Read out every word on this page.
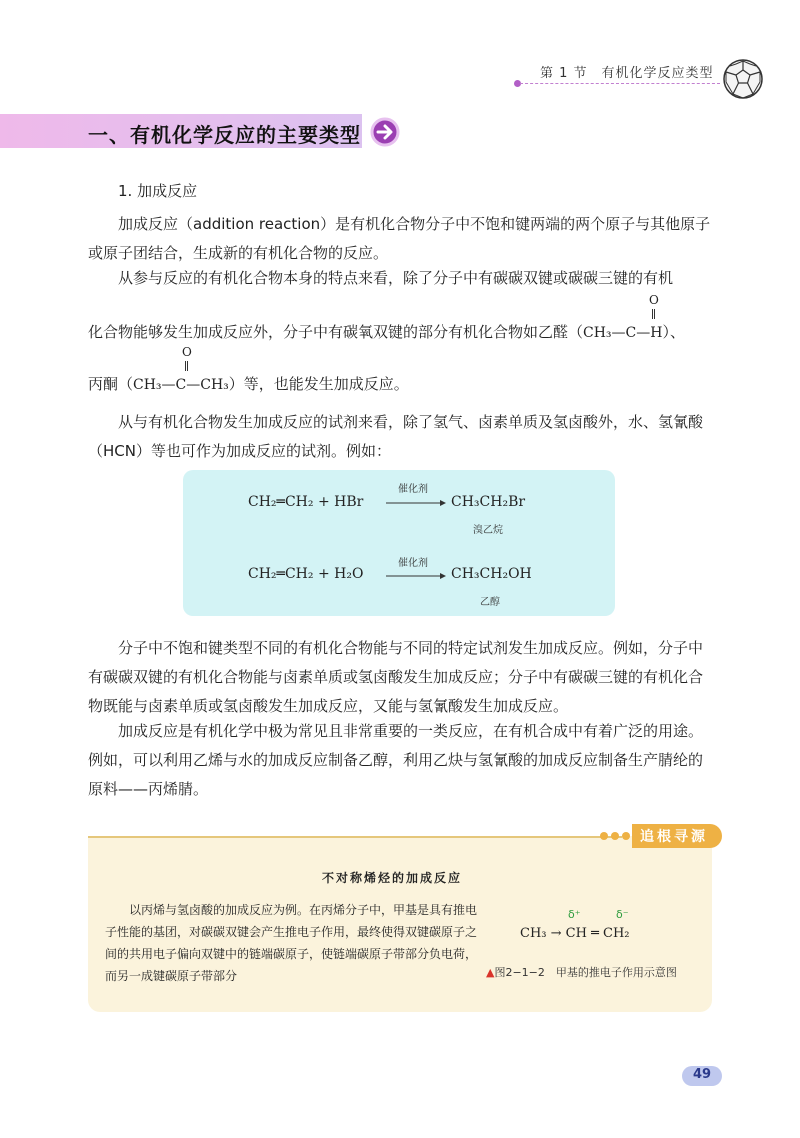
第 1 节　有机化学反应类型
一、有机化学反应的主要类型
1. 加成反应

加成反应（addition reaction）是有机化合物分子中不饱和键两端的两个原子与其他原子或原子团结合，生成新的有机化合物的反应。

从参与反应的有机化合物本身的特点来看，除了分子中有碳碳双键或碳碳三键的有机

O

化合物能够发生加成反应外，分子中有碳氧双键的部分有机化合物如乙醛（CH₃—C—H）、

O

丙酮（CH₃—C—CH₃）等，也能发生加成反应。

从与有机化合物发生加成反应的试剂来看，除了氢气、卤素单质及氢卤酸外，水、氢氰酸（HCN）等也可作为加成反应的试剂。例如：

CH₂═CH₂ + HBr
催化剂
→ CH₃CH₂Br
溴乙烷
CH₂═CH₂ + H₂O
催化剂
→ CH₃CH₂OH
乙醇

分子中不饱和键类型不同的有机化合物能与不同的特定试剂发生加成反应。例如，分子中有碳碳双键的有机化合物能与卤素单质或氢卤酸发生加成反应；分子中有碳碳三键的有机化合物既能与卤素单质或氢卤酸发生加成反应，又能与氢氰酸发生加成反应。

加成反应是有机化学中极为常见且非常重要的一类反应，在有机合成中有着广泛的用途。例如，可以利用乙烯与水的加成反应制备乙醇，利用乙炔与氢氰酸的加成反应制备生产腈纶的原料——丙烯腈。

追根寻源
不对称烯烃的加成反应

以丙烯与氢卤酸的加成反应为例。在丙烯分子中，甲基是具有推电子性能的基团，对碳碳双键会产生推电子作用，最终使得双键碳原子之间的共用电子偏向双键中的链端碳原子，使链端碳原子带部分负电荷，而另一成键碳原子带部分

δ⁺	δ⁻
CH₃ → CH ═ CH₂
▲图2−1−2　甲基的推电子作用示意图
49
